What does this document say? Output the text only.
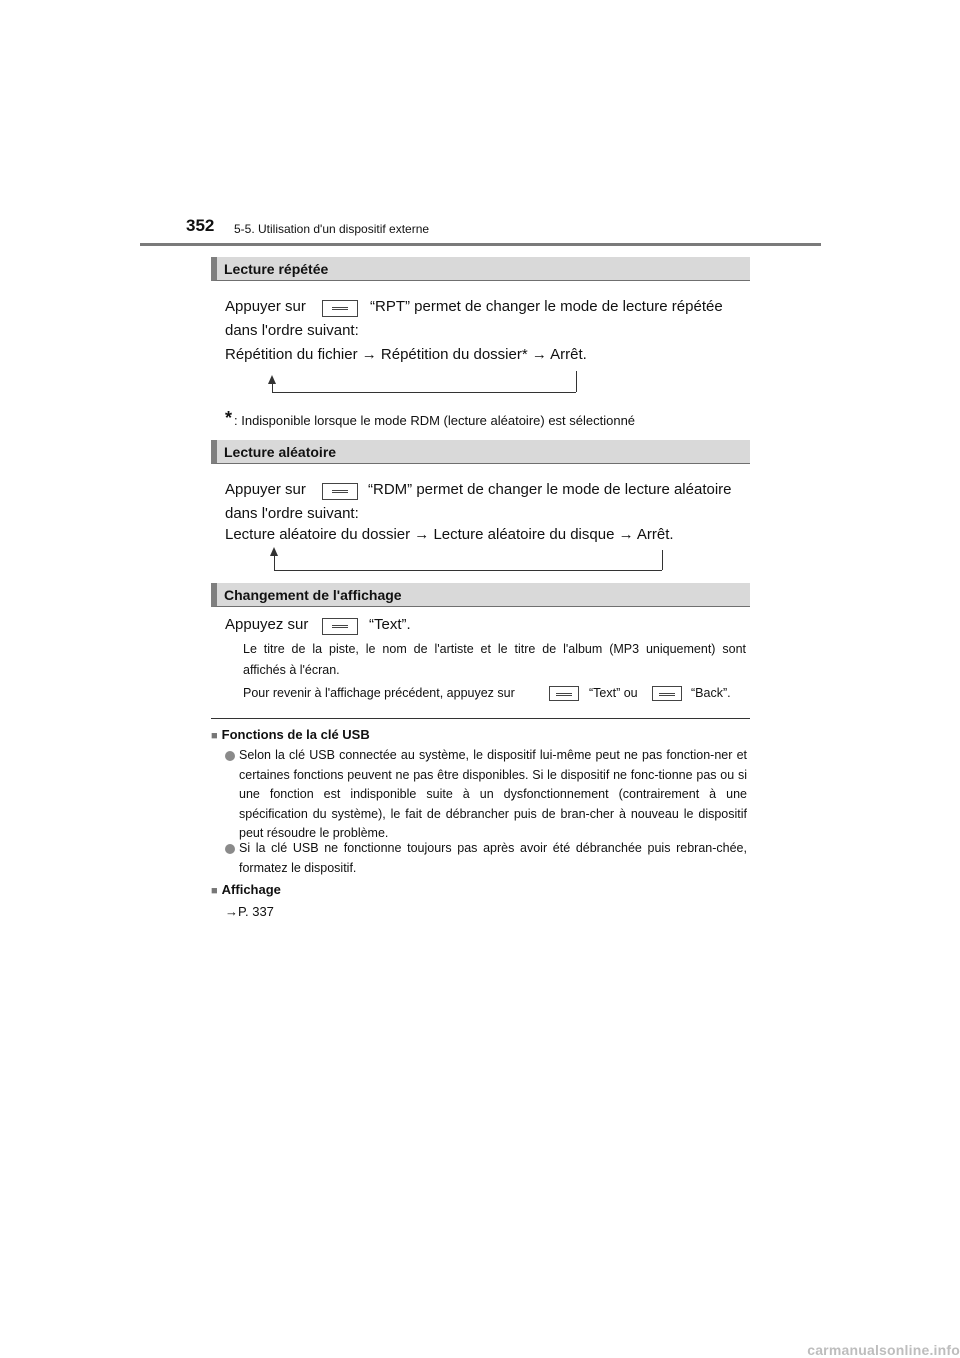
352 5-5. Utilisation d'un dispositif externe
Lecture répétée
Appuyer sur	“RPT” permet de changer le mode de lecture répétée
dans l'ordre suivant:
Répétition du fichier → Répétition du dossier* → Arrêt.
* : Indisponible lorsque le mode RDM (lecture aléatoire) est sélectionné
Lecture aléatoire
Appuyer sur	“RDM” permet de changer le mode de lecture aléatoire
dans l'ordre suivant:
Lecture aléatoire du dossier → Lecture aléatoire du disque → Arrêt.
Changement de l'affichage
Appuyez sur	“Text”.
Le titre de la piste, le nom de l'artiste et le titre de l'album (MP3 uniquement) sont
affichés à l'écran.
Pour revenir à l'affichage précédent, appuyez sur	“Text” ou	“Back”.
■ Fonctions de la clé USB
Selon la clé USB connectée au système, le dispositif lui-même peut ne pas fonction-ner et certaines fonctions peuvent ne pas être disponibles. Si le dispositif ne fonc-tionne pas ou si une fonction est indisponible suite à un dysfonctionnement (contrairement à une spécification du système), le fait de débrancher puis de bran-cher à nouveau le dispositif peut résoudre le problème.
Si la clé USB ne fonctionne toujours pas après avoir été débranchée puis rebran-chée, formatez le dispositif.
■ Affichage
→P. 337
carmanualsonline.info
